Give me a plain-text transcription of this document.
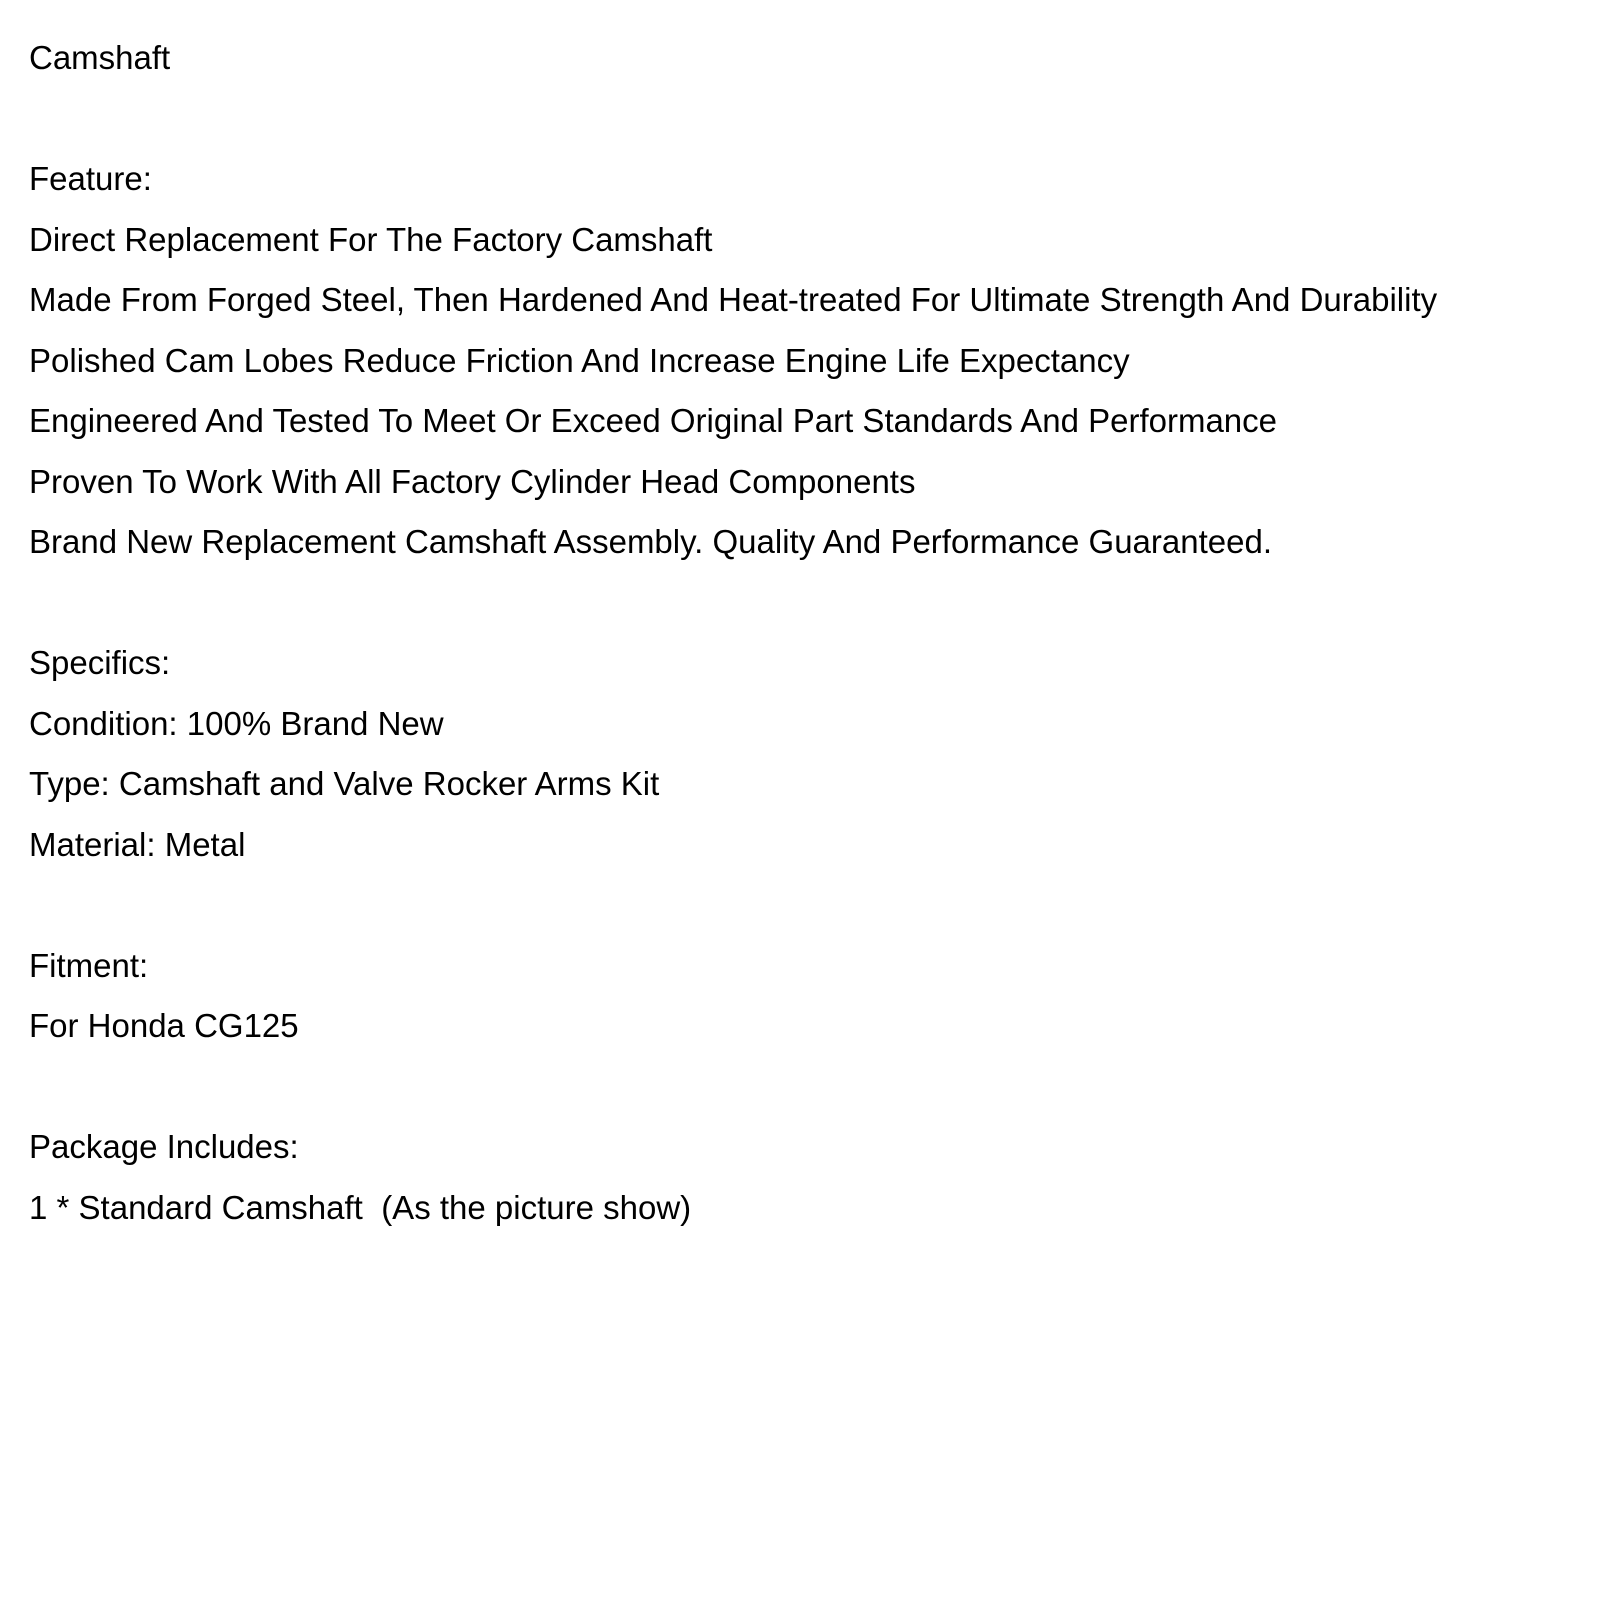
Camshaft
Feature:
Direct Replacement For The Factory Camshaft
Made From Forged Steel, Then Hardened And Heat-treated For Ultimate Strength And Durability
Polished Cam Lobes Reduce Friction And Increase Engine Life Expectancy
Engineered And Tested To Meet Or Exceed Original Part Standards And Performance
Proven To Work With All Factory Cylinder Head Components
Brand New Replacement Camshaft Assembly. Quality And Performance Guaranteed.
Specifics:
Condition: 100% Brand New
Type: Camshaft and Valve Rocker Arms Kit
Material: Metal
Fitment:
For Honda CG125
Package Includes:
1 * Standard Camshaft  (As the picture show)
